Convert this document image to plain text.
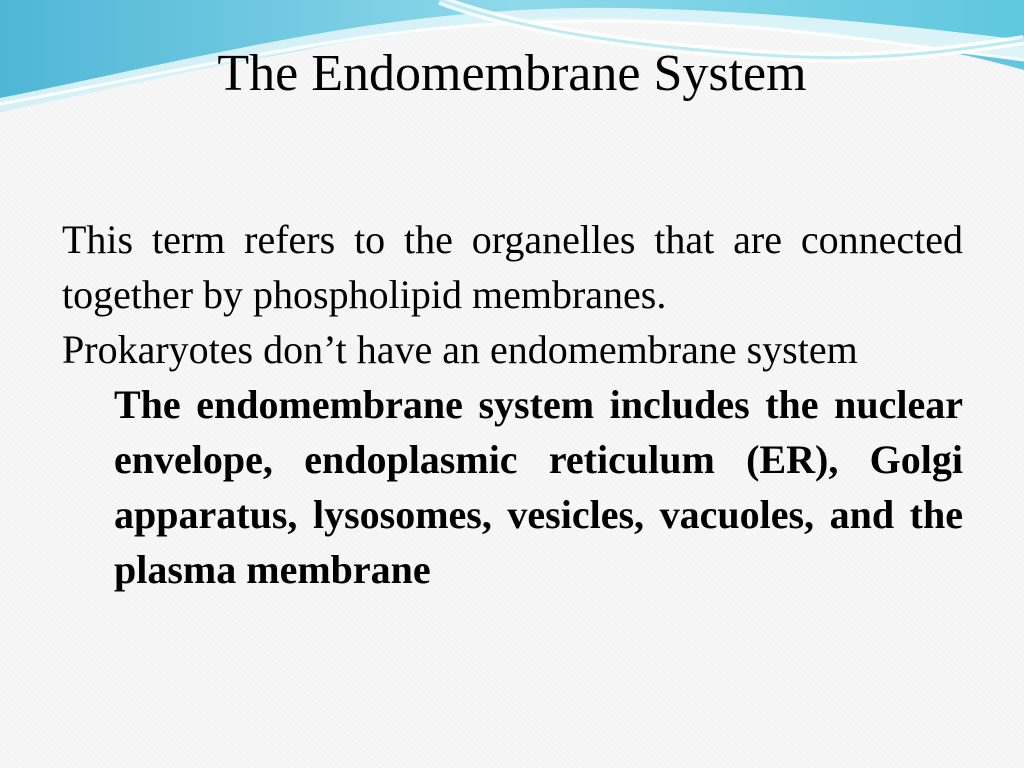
The Endomembrane System

This term refers to the organelles that are connected together by phospholipid membranes.

Prokaryotes don’t have an endomembrane system

The endomembrane system includes the nuclear envelope, endoplasmic reticulum (ER), Golgi apparatus, lysosomes, vesicles, vacuoles, and the plasma membrane
